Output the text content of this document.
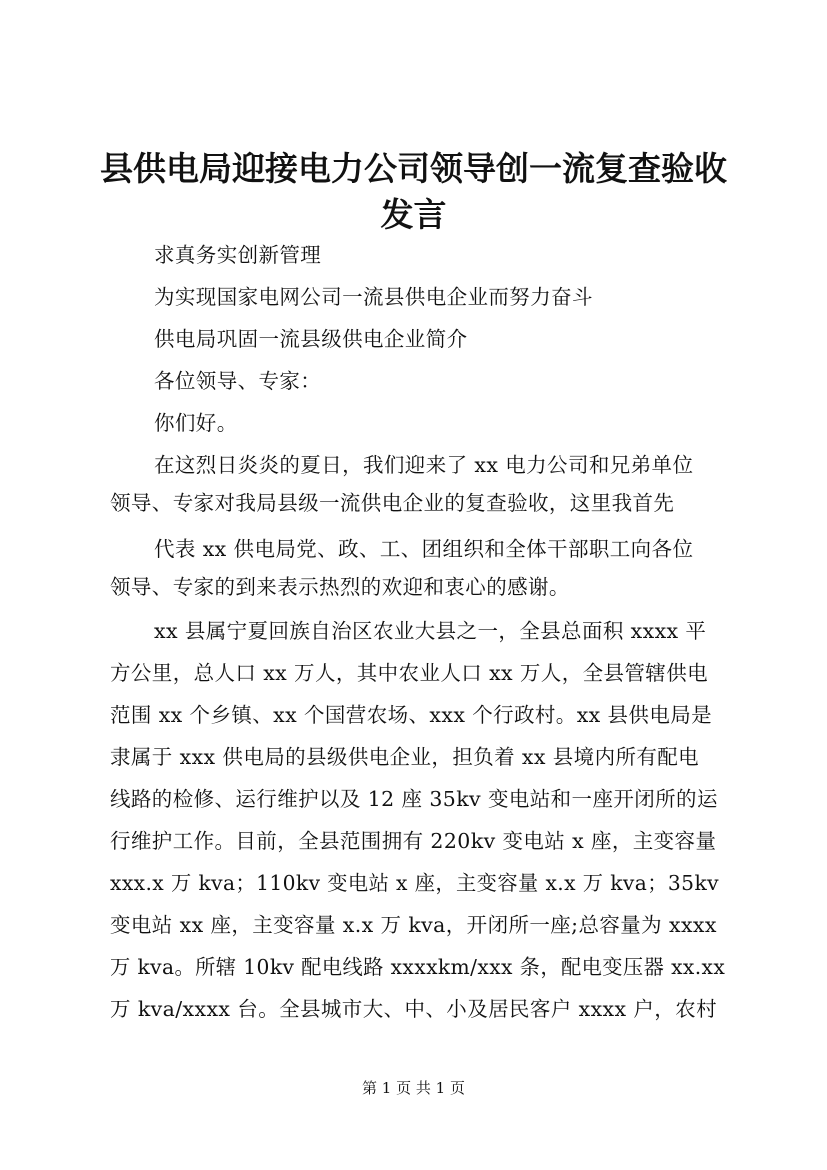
县供电局迎接电力公司领导创一流复查验收发言
求真务实创新管理
为实现国家电网公司一流县供电企业而努力奋斗
供电局巩固一流县级供电企业简介
各位领导、专家：
你们好。
在这烈日炎炎的夏日，我们迎来了 xx 电力公司和兄弟单位
领导、专家对我局县级一流供电企业的复查验收，这里我首先
代表 xx 供电局党、政、工、团组织和全体干部职工向各位
领导、专家的到来表示热烈的欢迎和衷心的感谢。
xx 县属宁夏回族自治区农业大县之一，全县总面积 xxxx 平
方公里，总人口 xx 万人，其中农业人口 xx 万人，全县管辖供电
范围 xx 个乡镇、xx 个国营农场、xxx 个行政村。xx 县供电局是
隶属于 xxx 供电局的县级供电企业，担负着 xx 县境内所有配电
线路的检修、运行维护以及 12 座 35kv 变电站和一座开闭所的运
行维护工作。目前，全县范围拥有 220kv 变电站 x 座，主变容量
xxx.x 万 kva；110kv 变电站 x 座，主变容量 x.x 万 kva；35kv
变电站 xx 座，主变容量 x.x 万 kva，开闭所一座;总容量为 xxxx
万 kva。所辖 10kv 配电线路 xxxxkm/xxx 条，配电变压器 xx.xx
万 kva/xxxx 台。全县城市大、中、小及居民客户 xxxx 户，农村
第 1 页 共 1 页
